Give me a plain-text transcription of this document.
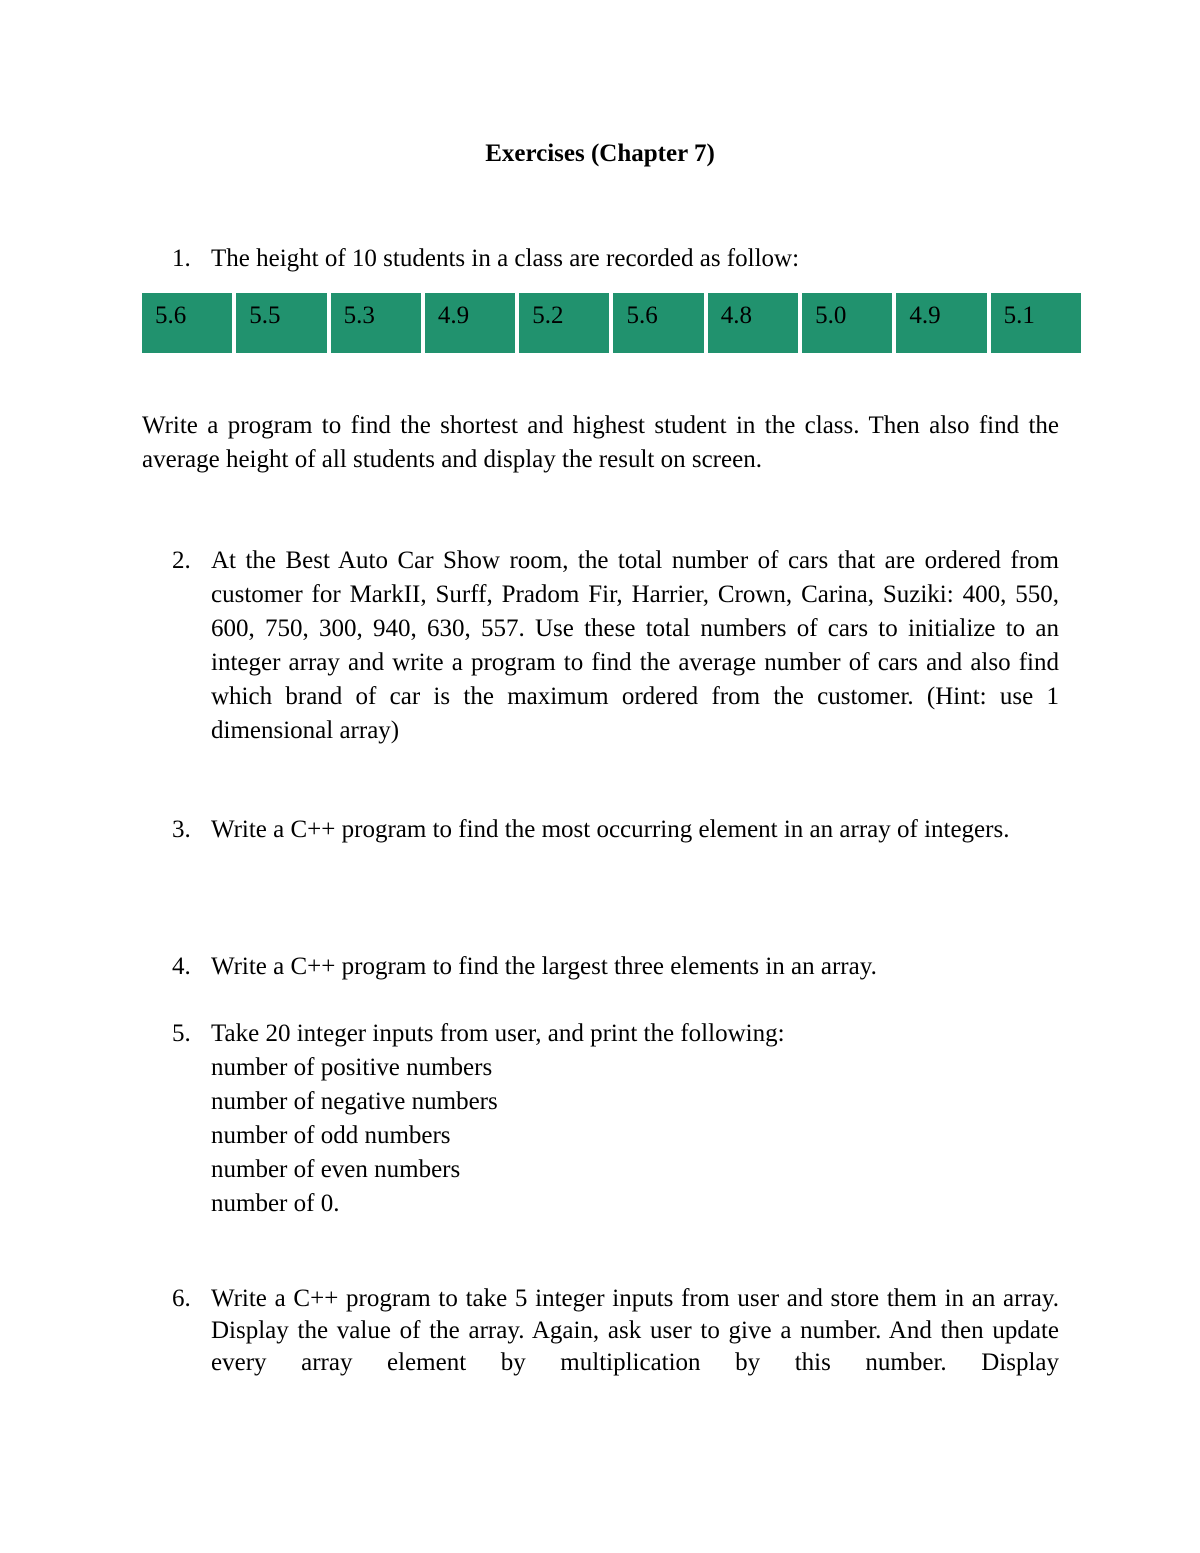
Exercises (Chapter 7)
1. The height of 10 students in a class are recorded as follow:
5.6	5.5	5.3	4.9	5.2	5.6	4.8	5.0	4.9	5.1
Write a program to find the shortest and highest student in the class. Then also find the average height of all students and display the result on screen.
2. At the Best Auto Car Show room, the total number of cars that are ordered from customer for MarkII, Surff, Pradom Fir, Harrier, Crown, Carina, Suziki: 400, 550, 600, 750, 300, 940, 630, 557. Use these total numbers of cars to initialize to an integer array and write a program to find the average number of cars and also find which brand of car is the maximum ordered from the customer. (Hint: use 1 dimensional array)
3. Write a C++ program to find the most occurring element in an array of integers.
4. Write a C++ program to find the largest three elements in an array.
5. Take 20 integer inputs from user, and print the following:
number of positive numbers
number of negative numbers
number of odd numbers
number of even numbers
number of 0.
6. Write a C++ program to take 5 integer inputs from user and store them in an array. Display the value of the array. Again, ask user to give a number. And then update every array element by multiplication by this number. Display
